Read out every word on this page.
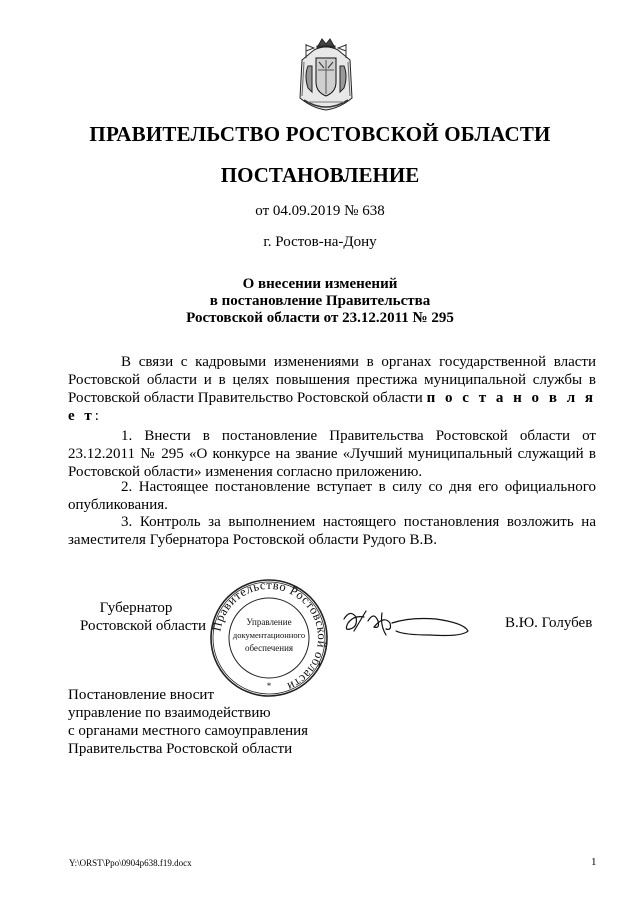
ПРАВИТЕЛЬСТВО РОСТОВСКОЙ ОБЛАСТИ
ПОСТАНОВЛЕНИЕ
от 04.09.2019 № 638
г. Ростов-на-Дону
О внесении изменений
в постановление Правительства
Ростовской области от 23.12.2011 № 295
В связи с кадровыми изменениями в органах государственной власти Ростовской области и в целях повышения престижа муниципальной службы в Ростовской области Правительство Ростовской области п о с т а н о в л я е т:
1. Внести в постановление Правительства Ростовской области от 23.12.2011 № 295 «О конкурсе на звание «Лучший муниципальный служащий в Ростовской области» изменения согласно приложению.
2. Настоящее постановление вступает в силу со дня его официального опубликования.
3. Контроль за выполнением настоящего постановления возложить на заместителя Губернатора Ростовской области Рудого В.В.
Губернатор
Ростовской области Правительство Ростовской области
Управление
документационного
обеспечения
*
В.Ю. Голубев
Постановление вносит
управление по взаимодействию
с органами местного самоуправления
Правительства Ростовской области
Y:\ORST\Ppo\0904p638.f19.docx	1
